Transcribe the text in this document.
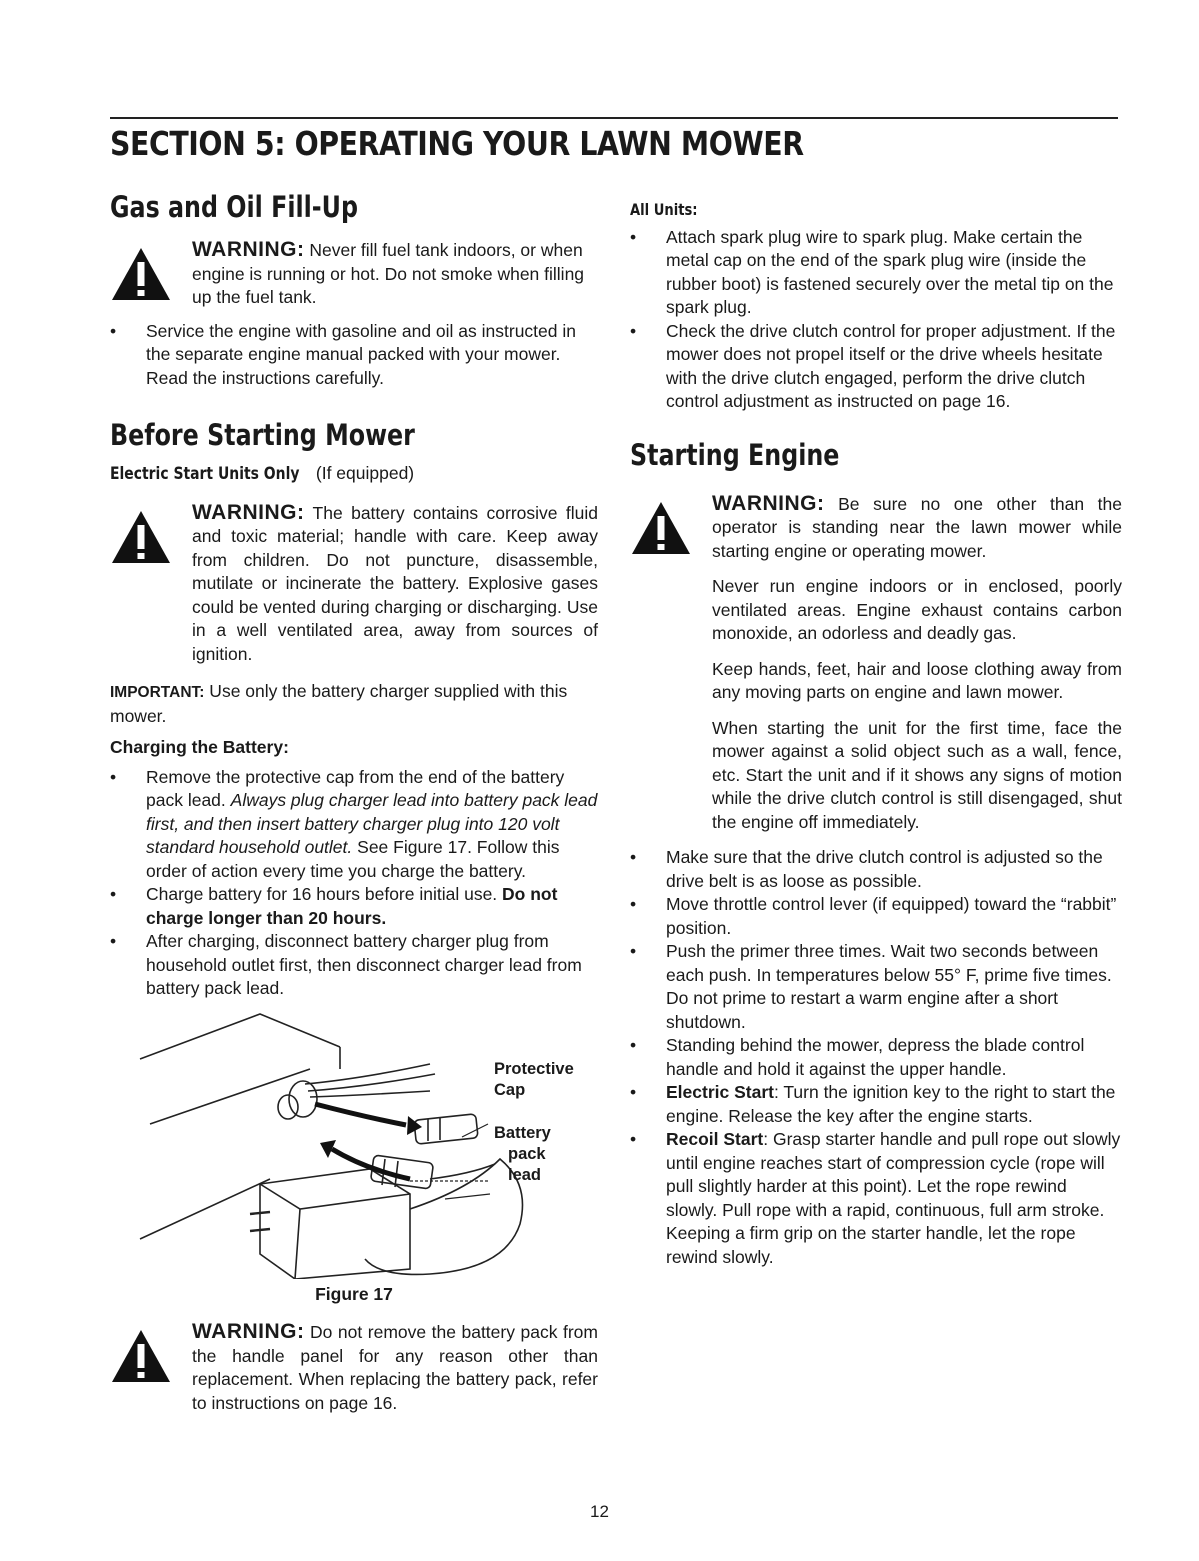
SECTION 5: OPERATING YOUR LAWN MOWER
Gas and Oil Fill-Up

WARNING: Never fill fuel tank indoors, or when engine is running or hot. Do not smoke when filling up the fuel tank.

• Service the engine with gasoline and oil as instructed in the separate engine manual packed with your mower. Read the instructions carefully.
Before Starting Mower

Electric Start Units Only (If equipped)

WARNING: The battery contains corrosive fluid and toxic material; handle with care. Keep away from children. Do not puncture, disassemble, mutilate or incinerate the battery. Explosive gases could be vented during charging or discharging. Use in a well ventilated area, away from sources of ignition.

IMPORTANT: Use only the battery charger supplied with this mower.

Charging the Battery:

• Remove the protective cap from the end of the battery pack lead. Always plug charger lead into battery pack lead first, and then insert battery charger plug into 120 volt standard household outlet. See Figure 17. Follow this order of action every time you charge the battery.
• Charge battery for 16 hours before initial use. Do not charge longer than 20 hours.
• After charging, disconnect battery charger plug from household outlet first, then disconnect charger lead from battery pack lead.
Protective
Cap
Battery
pack
lead

Figure 17

WARNING: Do not remove the battery pack from the handle panel for any reason other than replacement. When replacing the battery pack, refer to instructions on page 16.

All Units:

• Attach spark plug wire to spark plug. Make certain the metal cap on the end of the spark plug wire (inside the rubber boot) is fastened securely over the metal tip on the spark plug.
• Check the drive clutch control for proper adjustment. If the mower does not propel itself or the drive wheels hesitate with the drive clutch engaged, perform the drive clutch control adjustment as instructed on page 16.
Starting Engine

WARNING: Be sure no one other than the operator is standing near the lawn mower while starting engine or operating mower.

Never run engine indoors or in enclosed, poorly ventilated areas. Engine exhaust contains carbon monoxide, an odorless and deadly gas.

Keep hands, feet, hair and loose clothing away from any moving parts on engine and lawn mower.

When starting the unit for the first time, face the mower against a solid object such as a wall, fence, etc. Start the unit and if it shows any signs of motion while the drive clutch control is still disengaged, shut the engine off immediately.

• Make sure that the drive clutch control is adjusted so the drive belt is as loose as possible.
• Move throttle control lever (if equipped) toward the “rabbit” position.
• Push the primer three times. Wait two seconds between each push. In temperatures below 55° F, prime five times. Do not prime to restart a warm engine after a short shutdown.
• Standing behind the mower, depress the blade control handle and hold it against the upper handle.
• Electric Start: Turn the ignition key to the right to start the engine. Release the key after the engine starts.
• Recoil Start: Grasp starter handle and pull rope out slowly until engine reaches start of compression cycle (rope will pull slightly harder at this point). Let the rope rewind slowly. Pull rope with a rapid, continuous, full arm stroke. Keeping a firm grip on the starter handle, let the rope rewind slowly.
12
